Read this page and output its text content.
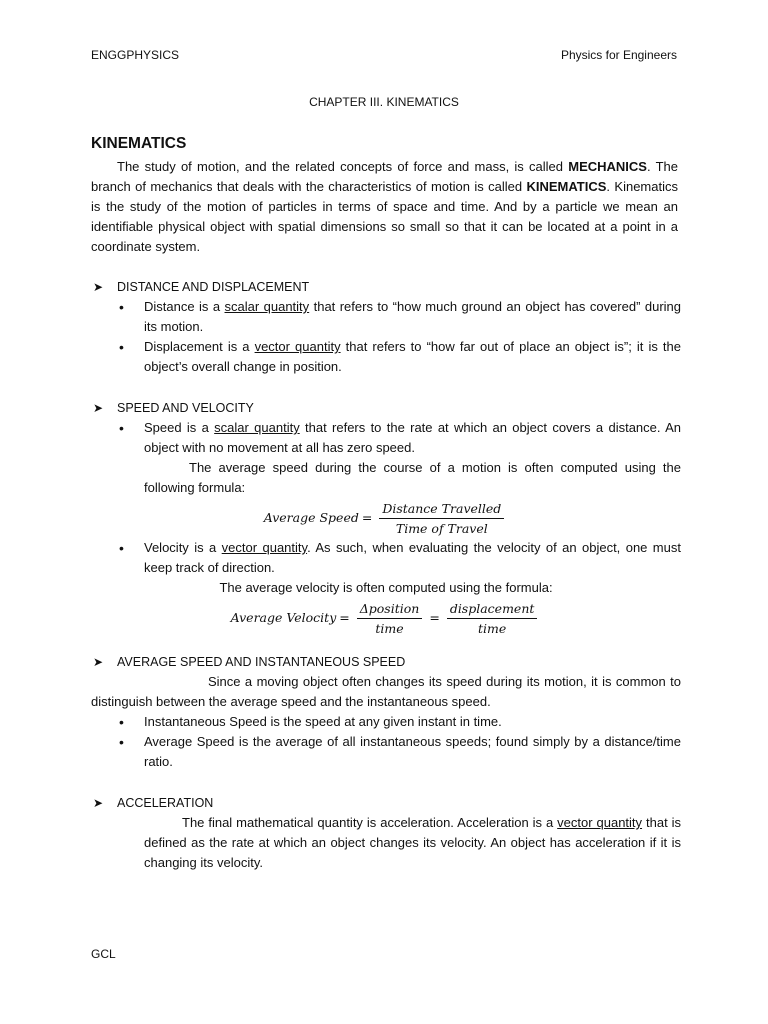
ENGGPHYSICS	Physics for Engineers
CHAPTER III. KINEMATICS
KINEMATICS
The study of motion, and the related concepts of force and mass, is called MECHANICS. The branch of mechanics that deals with the characteristics of motion is called KINEMATICS. Kinematics is the study of the motion of particles in terms of space and time. And by a particle we mean an identifiable physical object with spatial dimensions so small so that it can be located at a point in a coordinate system.
➤ DISTANCE AND DISPLACEMENT
• Distance is a scalar quantity that refers to “how much ground an object has covered” during its motion.
• Displacement is a vector quantity that refers to “how far out of place an object is”; it is the object’s overall change in position.
➤ SPEED AND VELOCITY
• Speed is a scalar quantity that refers to the rate at which an object covers a distance. An object with no movement at all has zero speed.
The average speed during the course of a motion is often computed using the following formula:
Average Speed = $\frac{\text{Distance Travelled}}{\text{Time of Travel}}$
• Velocity is a vector quantity. As such, when evaluating the velocity of an object, one must keep track of direction.
The average velocity is often computed using the formula:
Average Velocity = $\frac{\text{Δposition}}{\text{time}} = \frac{\text{displacement}}{\text{time}}$
➤ AVERAGE SPEED AND INSTANTANEOUS SPEED
Since a moving object often changes its speed during its motion, it is common to distinguish between the average speed and the instantaneous speed.
• Instantaneous Speed is the speed at any given instant in time.
• Average Speed is the average of all instantaneous speeds; found simply by a distance/time ratio.
➤ ACCELERATION
The final mathematical quantity is acceleration. Acceleration is a vector quantity that is defined as the rate at which an object changes its velocity. An object has acceleration if it is changing its velocity.
GCL
